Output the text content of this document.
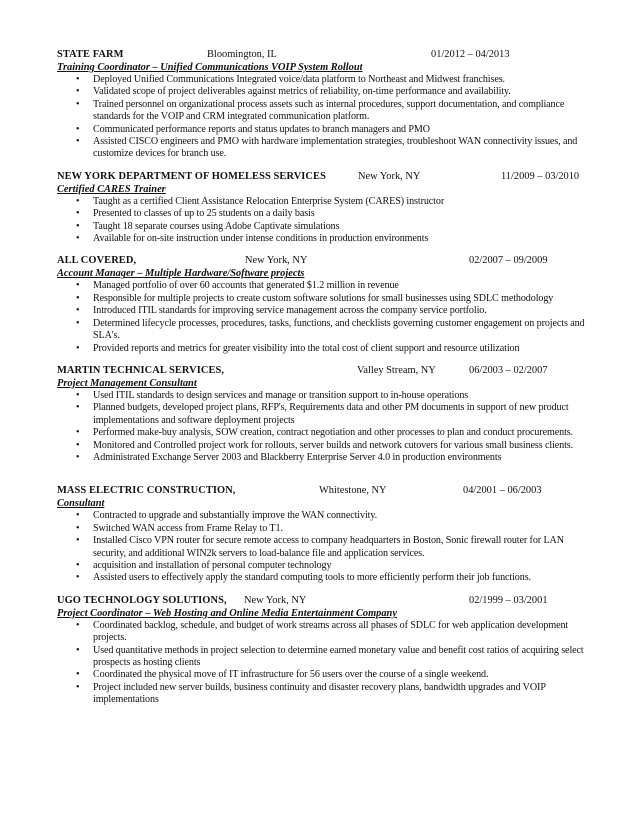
STATE FARM	Bloomington, IL	01/2012 – 04/2013
Training Coordinator – Unified Communications VOIP System Rollout
• Deployed Unified Communications Integrated voice/data platform to Northeast and Midwest franchises.
• Validated scope of project deliverables against metrics of reliability, on-time performance and availability.
• Trained personnel on organizational process assets such as internal procedures, support documentation, and compliance standards for the VOIP and CRM integrated communication platform.
• Communicated performance reports and status updates to branch managers and PMO
• Assisted CISCO engineers and PMO with hardware implementation strategies, troubleshoot WAN connectivity issues, and customize devices for branch use.
NEW YORK DEPARTMENT OF HOMELESS SERVICES	New York, NY	11/2009 – 03/2010
Certified CARES Trainer
• Taught as a certified Client Assistance Relocation Enterprise System (CARES) instructor
• Presented to classes of up to 25 students on a daily basis
• Taught 18 separate courses using Adobe Captivate simulations
• Available for on-site instruction under intense conditions in production environments
ALL COVERED,	New York, NY	02/2007 – 09/2009
Account Manager – Multiple Hardware/Software projects
• Managed portfolio of over 60 accounts that generated $1.2 million in revenue
• Responsible for multiple projects to create custom software solutions for small businesses using SDLC methodology
• Introduced ITIL standards for improving service management across the company service portfolio.
• Determined lifecycle processes, procedures, tasks, functions, and checklists governing customer engagement on projects and SLA's.
• Provided reports and metrics for greater visibility into the total cost of client support and resource utilization
MARTIN TECHNICAL SERVICES,	Valley Stream, NY	06/2003 – 02/2007
Project Management Consultant
• Used ITIL standards to design services and manage or transition support to in-house operations
• Planned budgets, developed project plans, RFP's, Requirements data and other PM documents in support of new product implementations and software deployment projects
• Performed make-buy analysis, SOW creation, contract negotiation and other processes to plan and conduct procurements.
• Monitored and Controlled project work for rollouts, server builds and network cutovers for various small business clients.
• Administrated Exchange Server 2003 and Blackberry Enterprise Server 4.0 in production environments
MASS ELECTRIC CONSTRUCTION,	Whitestone, NY	04/2001 – 06/2003
Consultant
• Contracted to upgrade and substantially improve the WAN connectivity.
• Switched WAN access from Frame Relay to T1.
• Installed Cisco VPN router for secure remote access to company headquarters in Boston, Sonic firewall router for LAN security, and additional WIN2k servers to load-balance file and application services.
• acquisition and installation of personal computer technology
• Assisted users to effectively apply the standard computing tools to more efficiently perform their job functions.
UGO TECHNOLOGY SOLUTIONS, New York, NY	02/1999 – 03/2001
Project Coordinator – Web Hosting and Online Media Entertainment Company
• Coordinated backlog, schedule, and budget of work streams across all phases of SDLC for web application development projects.
• Used quantitative methods in project selection to determine earned monetary value and benefit cost ratios of acquiring select prospects as hosting clients
• Coordinated the physical move of IT infrastructure for 56 users over the course of a single weekend.
• Project included new server builds, business continuity and disaster recovery plans, bandwidth upgrades and VOIP implementations
